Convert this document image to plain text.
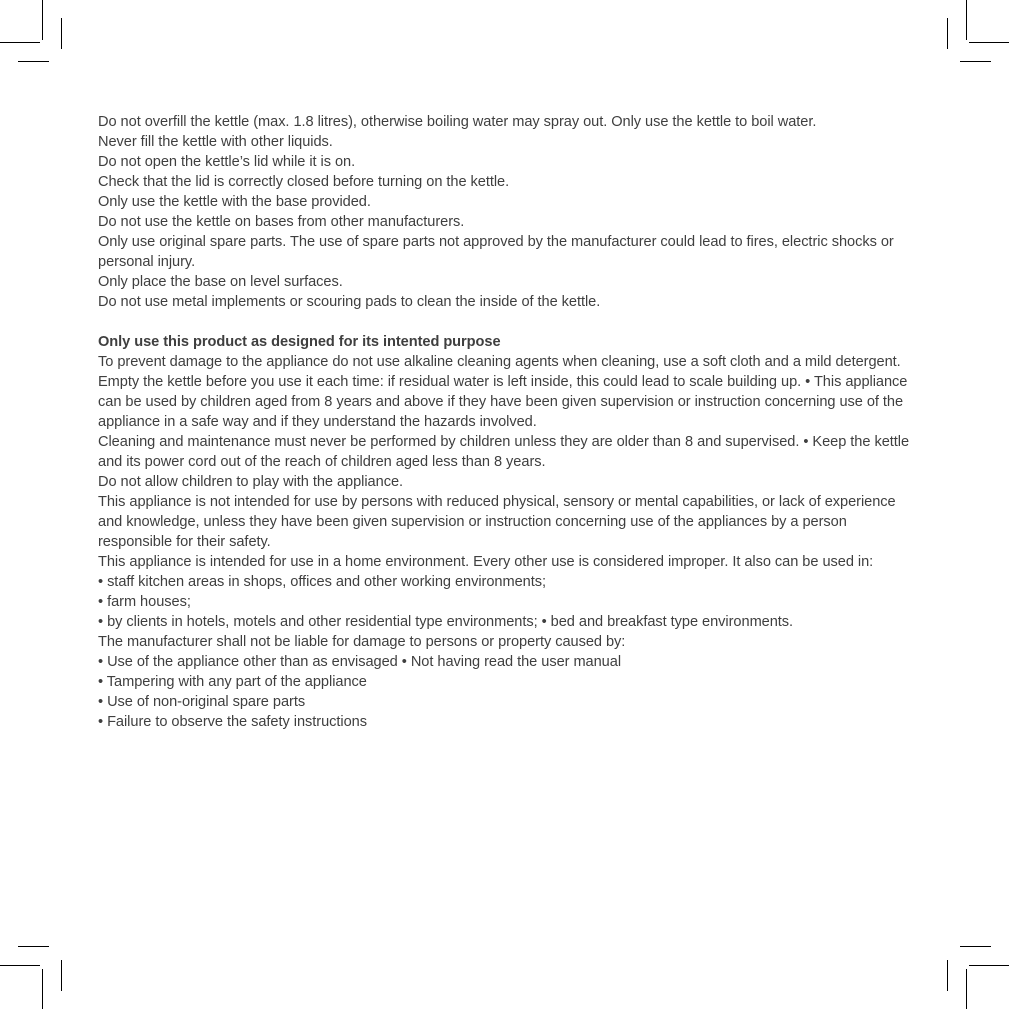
Do not overfill the kettle (max. 1.8 litres), otherwise boiling water may spray out. Only use the kettle to boil water.

Never fill the kettle with other liquids.

Do not open the kettle’s lid while it is on.

Check that the lid is correctly closed before turning on the kettle.

Only use the kettle with the base provided.

Do not use the kettle on bases from other manufacturers.

Only use original spare parts. The use of spare parts not approved by the manufacturer could lead to fires, electric shocks or personal injury.

Only place the base on level surfaces.

Do not use metal implements or scouring pads to clean the inside of the kettle.

Only use this product as designed for its intented purpose

To prevent damage to the appliance do not use alkaline cleaning agents when cleaning, use a soft cloth and a mild detergent.

Empty the kettle before you use it each time: if residual water is left inside, this could lead to scale building up. • This appliance can be used by children aged from 8 years and above if they have been given supervision or instruction concerning use of the appliance in a safe way and if they understand the hazards involved.

Cleaning and maintenance must never be performed by children unless they are older than 8 and supervised. • Keep the kettle and its power cord out of the reach of children aged less than 8 years.

Do not allow children to play with the appliance.

This appliance is not intended for use by persons with reduced physical, sensory or mental capabilities, or lack of experience and knowledge, unless they have been given supervision or instruction concerning use of the appliances by a person responsible for their safety.

This appliance is intended for use in a home environment. Every other use is considered improper. It also can be used in:

• staff kitchen areas in shops, offices and other working environments;

• farm houses;

• by clients in hotels, motels and other residential type environments; • bed and breakfast type environments.

The manufacturer shall not be liable for damage to persons or property caused by:

• Use of the appliance other than as envisaged • Not having read the user manual

• Tampering with any part of the appliance

• Use of non-original spare parts

• Failure to observe the safety instructions
